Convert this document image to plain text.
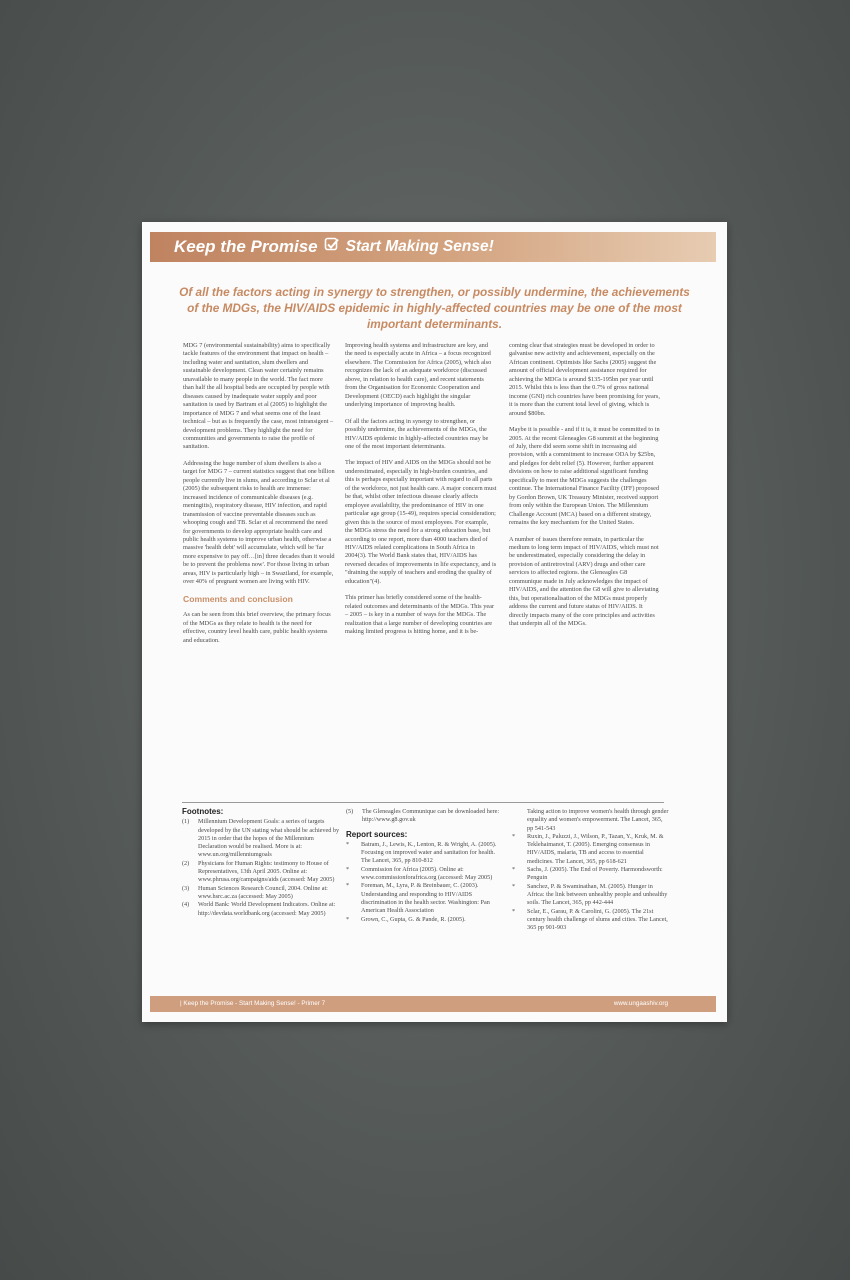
Keep the Promise Start Making Sense!
Of all the factors acting in synergy to strengthen, or possibly undermine, the achievements of the MDGs, the HIV/AIDS epidemic in highly-affected countries may be one of the most important determinants.

MDG 7 (environmental sustainability) aims to specifically tackle features of the environment that impact on health – including water and sanitation, slum dwellers and sustainable development. Clean water certainly remains unavailable to many people in the world. The fact more than half the all hospital beds are occupied by people with diseases caused by inadequate water supply and poor sanitation is used by Bartram et al (2005) to highlight the importance of MDG 7 and what seems one of the least technical – but as is frequently the case, most intransigent – development problems. They highlight the need for communities and governments to raise the profile of sanitation.

Addressing the huge number of slum dwellers is also a target for MDG 7 – current statistics suggest that one billion people currently live in slums, and according to Sclar et al (2005) the subsequent risks to health are immense: increased incidence of communicable diseases (e.g. meningitis), respiratory disease, HIV infection, and rapid transmission of vaccine preventable diseases such as whooping cough and TB. Sclar et al recommend the need for governments to develop appropriate health care and public health systems to improve urban health, otherwise a massive 'health debt' will accumulate, which will be 'far more expensive to pay off…[in] three decades than it would be to prevent the problems now'. For those living in urban areas, HIV is particularly high – in Swaziland, for example, over 40% of pregnant women are living with HIV.

Comments and conclusion

As can be seen from this brief overview, the primary focus of the MDGs as they relate to health is the need for effective, country level health care, public health systems and education.

Improving health systems and infrastructure are key, and the need is especially acute in Africa – a focus recognized elsewhere. The Commission for Africa (2005), which also recognizes the lack of an adequate workforce (discussed above, in relation to health care), and recent statements from the Organisation for Economic Cooperation and Development (OECD) each highlight the singular underlying importance of improving health.

Of all the factors acting in synergy to strengthen, or possibly undermine, the achievements of the MDGs, the HIV/AIDS epidemic in highly-affected countries may be one of the most important determinants.

The impact of HIV and AIDS on the MDGs should not be underestimated, especially in high-burden countries, and this is perhaps especially important with regard to all parts of the workforce, not just health care. A major concern must be that, whilst other infectious disease clearly affects employee availability, the predominance of HIV in one particular age group (15-49), requires special consideration; given this is the source of most employees. For example, the MDGs stress the need for a strong education base, but according to one report, more than 4000 teachers died of HIV/AIDS related complications in South Africa in 2004(3). The World Bank states that, HIV/AIDS has reversed decades of improvements in life expectancy, and is "draining the supply of teachers and eroding the quality of education"(4).

This primer has briefly considered some of the health-related outcomes and determinants of the MDGs. This year – 2005 – is key in a number of ways for the MDGs. The realization that a large number of developing countries are making limited progress is hitting home, and it is be-

coming clear that strategies must be developed in order to galvanise new activity and achievement, especially on the African continent. Optimists like Sachs (2005) suggest the amount of official development assistance required for achieving the MDGs is around $135-195bn per year until 2015. Whilst this is less than the 0.7% of gross national income (GNI) rich countries have been promising for years, it is more than the current total level of giving, which is around $80bn.

Maybe it is possible - and if it is, it must be committed to in 2005. At the recent Gleneagles G8 summit at the beginning of July, there did seem some shift in increasing aid provision, with a commitment to increase ODA by $25bn, and pledges for debt relief (5). However, further apparent divisions on how to raise additional significant funding specifically to meet the MDGs suggests the challenges continue. The International Finance Facility (IFF) proposed by Gordon Brown, UK Treasury Minister, received support from only within the European Union. The Millennium Challenge Account (MCA) based on a different strategy, remains the key mechanism for the United States.

A number of issues therefore remain, in particular the medium to long term impact of HIV/AIDS, which must not be underestimated, especially considering the delay in provision of antiretroviral (ARV) drugs and other care services to affected regions. the Gleneagles G8 communique made in July acknowledges the impact of HIV/AIDS, and the attention the G8 will give to alleviating this, but operationalisation of the MDGs must properly address the current and future status of HIV/AIDS. It directly impacts many of the core principles and activities that underpin all of the MDGs.

Footnotes:
(1)	Millennium Development Goals: a series of targets developed by the UN stating what should be achieved by 2015 in order that the hopes of the Millennium Declaration would be realised. More is at: www.un.org/millenniumgoals
(2)	Physicians for Human Rights: testimony to House of Representatives, 13th April 2005. Online at: www.phrusa.org/campaigns/aids (accessed: May 2005)
(3)	Human Sciences Research Council, 2004. Online at: www.hsrc.ac.za (accessed: May 2005)
(4)	World Bank: World Development Indicators. Online at: http://devdata.worldbank.org (accessed: May 2005)
(5)	The Gleneagles Communique can be downloaded here: http://www.g8.gov.uk
Report sources:
*	Batram, J., Lewis, K., Lenton, R. & Wright, A. (2005). Focusing on improved water and sanitation for health. The Lancet, 365, pp 810-812
*	Commission for Africa (2005). Online at: www.commissionforafrica.org (accessed: May 2005)
*	Foreman, M., Lyra, P. & Breinbauer, C. (2003). Understanding and responding to HIV/AIDS discrimination in the health sector. Washington: Pan American Health Association
*	Grown, C., Gupta, G. & Pande, R. (2005).
Taking action to improve women's health through gender equality and women's empowerment. The Lancet, 365, pp 541-543
*	Ruxin, J., Paluzzi, J., Wilson, P., Tazan, Y., Kruk, M. & Teklehaimanot, T. (2005). Emerging consensus in HIV/AIDS, malaria, TB and access to essential medicines. The Lancet, 365, pp 618-621
*	Sachs, J. (2005). The End of Poverty. Harmondsworth: Penguin
*	Sanchez, P. & Swaminathan, M. (2005). Hunger in Africa: the link between unhealthy people and unhealthy soils. The Lancet, 365, pp 442-444
*	Sclar, E., Garau, P. & Carolini, G. (2005). The 21st century health challenge of slums and cities. The Lancet, 365 pp 901-903
| Keep the Promise - Start Making Sense! - Primer 7	www.ungaashiv.org
